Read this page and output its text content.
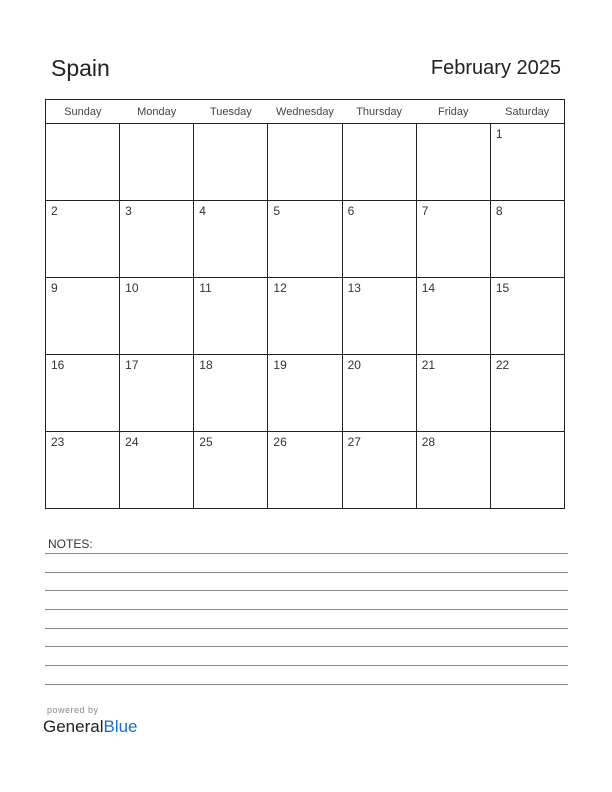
Spain	February 2025
Sunday	Monday	Tuesday	Wednesday	Thursday	Friday	Saturday

						1

2	3	4	5	6	7	8

9	10	11	12	13	14	15

16	17	18	19	20	21	22

23	24	25	26	27	28	

NOTES:
powered by
GeneralBlue
